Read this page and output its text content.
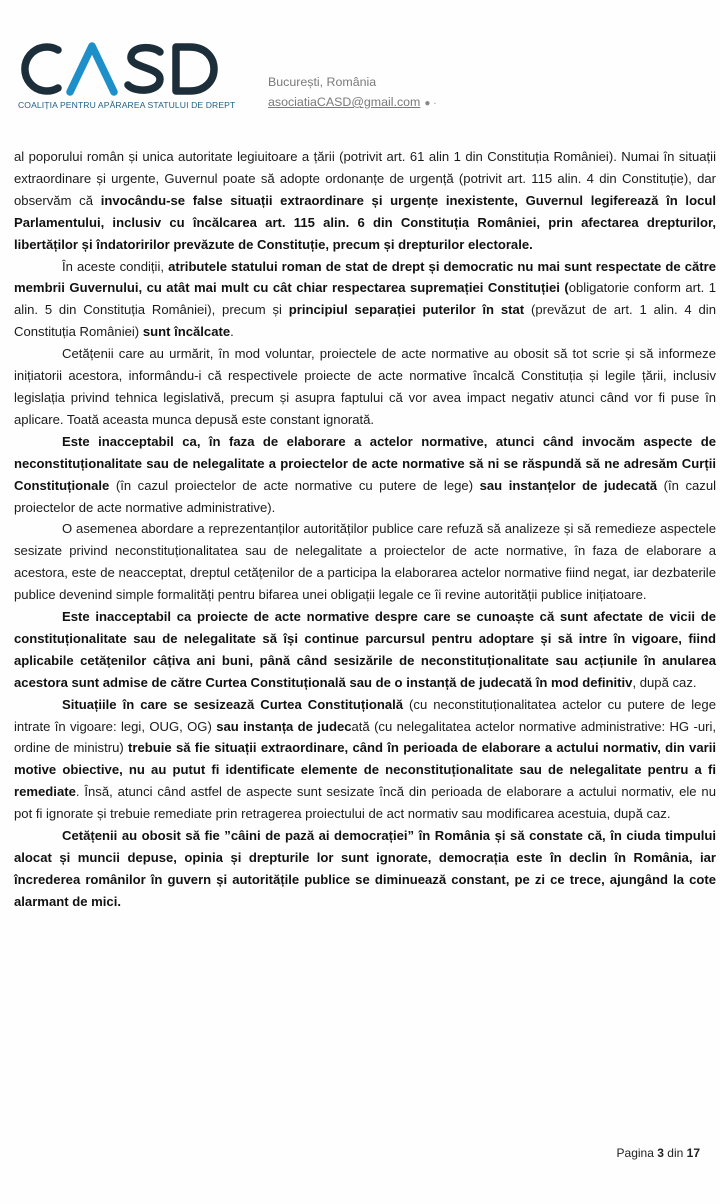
COALIȚIA PENTRU APĂRAREA STATULUI DE DREPT
București, România
asociatiaCASD@gmail.com ● ·

al poporului român și unica autoritate legiuitoare a țării (potrivit art. 61 alin 1 din Constituția României). Numai în situații extraordinare și urgente, Guvernul poate să adopte ordonanțe de urgență (potrivit art. 115 alin. 4 din Constituție), dar observăm că invocându-se false situații extraordinare și urgențe inexistente, Guvernul legiferează în locul Parlamentului, inclusiv cu încălcarea art. 115 alin. 6 din Constituția României, prin afectarea drepturilor, libertăților și îndatoririlor prevăzute de Constituție, precum și drepturilor electorale.

În aceste condiții, atributele statului roman de stat de drept și democratic nu mai sunt respectate de către membrii Guvernului, cu atât mai mult cu cât chiar respectarea supremației Constituției (obligatorie conform art. 1 alin. 5 din Constituția României), precum și principiul separației puterilor în stat (prevăzut de art. 1 alin. 4 din Constituția României) sunt încălcate.

Cetățenii care au urmărit, în mod voluntar, proiectele de acte normative au obosit să tot scrie și să informeze inițiatorii acestora, informându-i că respectivele proiecte de acte normative încalcă Constituția și legile țării, inclusiv legislația privind tehnica legislativă, precum și asupra faptului că vor avea impact negativ atunci când vor fi puse în aplicare. Toată aceasta munca depusă este constant ignorată.

Este inacceptabil ca, în faza de elaborare a actelor normative, atunci când invocăm aspecte de neconstituționalitate sau de nelegalitate a proiectelor de acte normative să ni se răspundă să ne adresăm Curții Constituționale (în cazul proiectelor de acte normative cu putere de lege) sau instanțelor de judecată (în cazul proiectelor de acte normative administrative).

O asemenea abordare a reprezentanților autorităților publice care refuză să analizeze și să remedieze aspectele sesizate privind neconstituționalitatea sau de nelegalitate a proiectelor de acte normative, în faza de elaborare a acestora, este de neacceptat, dreptul cetățenilor de a participa la elaborarea actelor normative fiind negat, iar dezbaterile publice devenind simple formalități pentru bifarea unei obligații legale ce îi revine autorității publice inițiatoare.

Este inacceptabil ca proiecte de acte normative despre care se cunoaște că sunt afectate de vicii de constituționalitate sau de nelegalitate să își continue parcursul pentru adoptare și să intre în vigoare, fiind aplicabile cetățenilor câțiva ani buni, până când sesizările de neconstituționalitate sau acțiunile în anularea acestora sunt admise de către Curtea Constituțională sau de o instanță de judecată în mod definitiv, după caz.

Situațiile în care se sesizează Curtea Constituțională (cu neconstituționalitatea actelor cu putere de lege intrate în vigoare: legi, OUG, OG) sau instanța de judecată (cu nelegalitatea actelor normative administrative: HG -uri, ordine de ministru) trebuie să fie situații extraordinare, când în perioada de elaborare a actului normativ, din varii motive obiective, nu au putut fi identificate elemente de neconstituționalitate sau de nelegalitate pentru a fi remediate. Însă, atunci când astfel de aspecte sunt sesizate încă din perioada de elaborare a actului normativ, ele nu pot fi ignorate și trebuie remediate prin retragerea proiectului de act normativ sau modificarea acestuia, după caz.

Cetățenii au obosit să fie ”câini de pază ai democrației” în România și să constate că, în ciuda timpului alocat și muncii depuse, opinia și drepturile lor sunt ignorate, democrația este în declin în România, iar încrederea românilor în guvern și autoritățile publice se diminuează constant, pe zi ce trece, ajungând la cote alarmant de mici.

Pagina 3 din 17
